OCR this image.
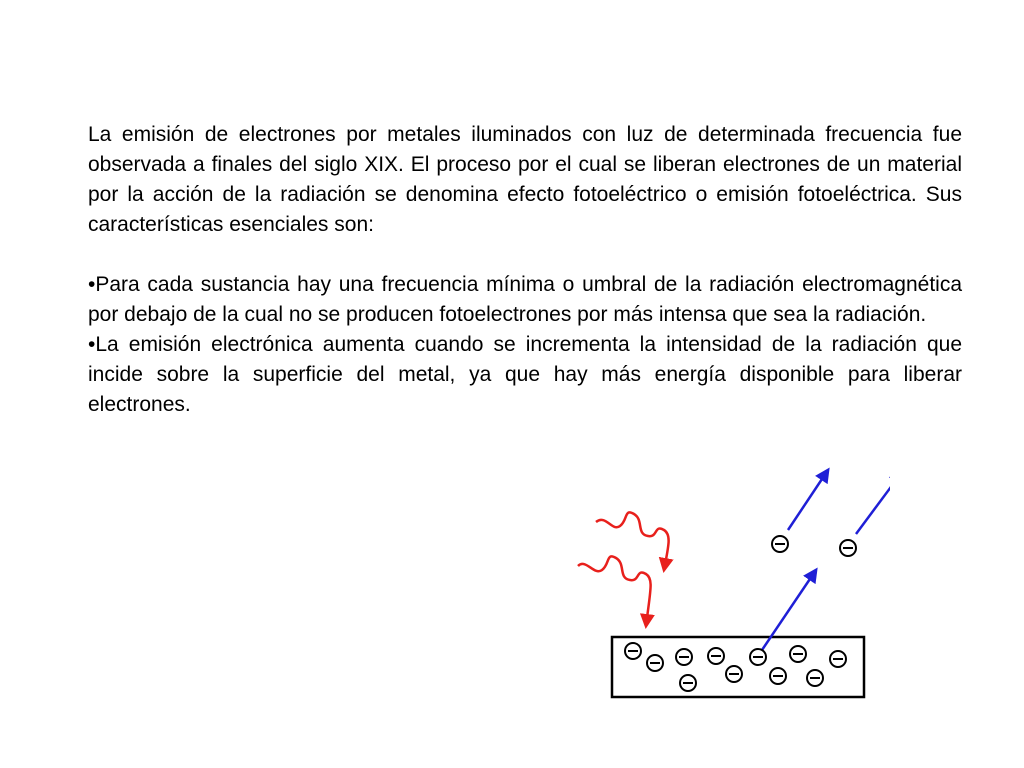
La emisión de electrones por metales iluminados con luz de determinada frecuencia fue observada a finales del siglo XIX. El proceso por el cual se liberan electrones de un material por la acción de la radiación se denomina efecto fotoeléctrico o emisión fotoeléctrica. Sus características esenciales son:

•Para cada sustancia hay una frecuencia mínima o umbral de la radiación electromagnética por debajo de la cual no se producen fotoelectrones por más intensa que sea la radiación.

•La emisión electrónica aumenta cuando se incrementa la intensidad de la radiación que incide sobre la superficie del metal, ya que hay más energía disponible para liberar electrones.
